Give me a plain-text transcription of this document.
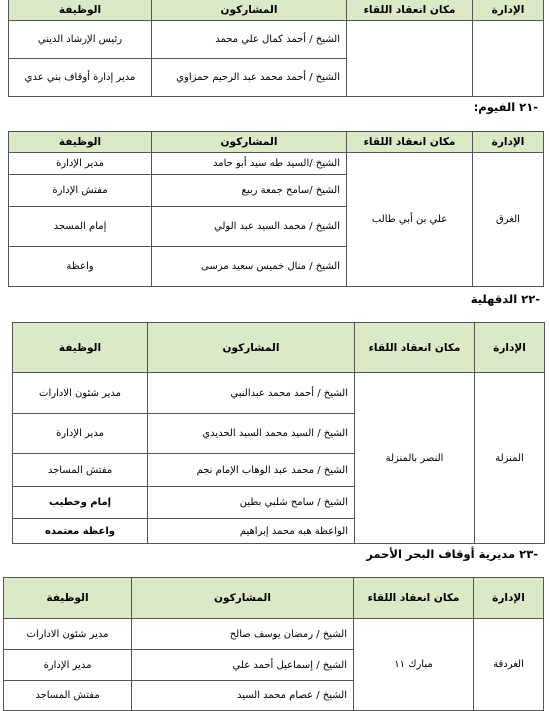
الإدارة	مكان انعقاد اللقاء	المشاركون	الوظيفة
		الشيخ / أحمد كمال علي محمد	رئيس الإرشاد الديني
		الشيخ / أحمد محمد عبد الرحيم حمزاوي	مدير إدارة أوقاف بني عدي
-٢١ الفيوم:
الإدارة	مكان انعقاد اللقاء	المشاركون	الوظيفة
الغرق	علي بن أبي طالب	الشيخ /السيد طه سيد أبو حامد	مدير الإدارة
		الشيخ /سامح جمعة ربيع	مفتش الإدارة
		الشيخ / محمد السيد عبد الولي	إمام المسجد
		الشيخ / منال خميس سعيد مرسى	واعظة
-٢٢ الدقهلية
الإدارة	مكان انعقاد اللقاء	المشاركون	الوظيفة
المنزلة	النصر بالمنزلة	الشيخ / أحمد محمد عبدالنبي	مدير شئون الادارات
		الشيخ / السيد محمد السيد الحديدي	مدير الإدارة
		الشيخ / محمد عبد الوهاب الإمام نجم	مفتش المساجد
		الشيخ / سامح شلبي بطين	إمام وخطيب
		الواعظة هبه محمد إبراهيم	واعظة معتمده
-٢٣ مديرية أوقاف البحر الأحمر
الإدارة	مكان انعقاد اللقاء	المشاركون	الوظيفة
الغردقة	مبارك ١١	الشيخ / رمضان يوسف صالح	مدير شئون الادارات
		الشيخ / إسماعيل أحمد علي	مدير الإدارة
		الشيخ / عصام محمد السيد	مفتش المساجد
